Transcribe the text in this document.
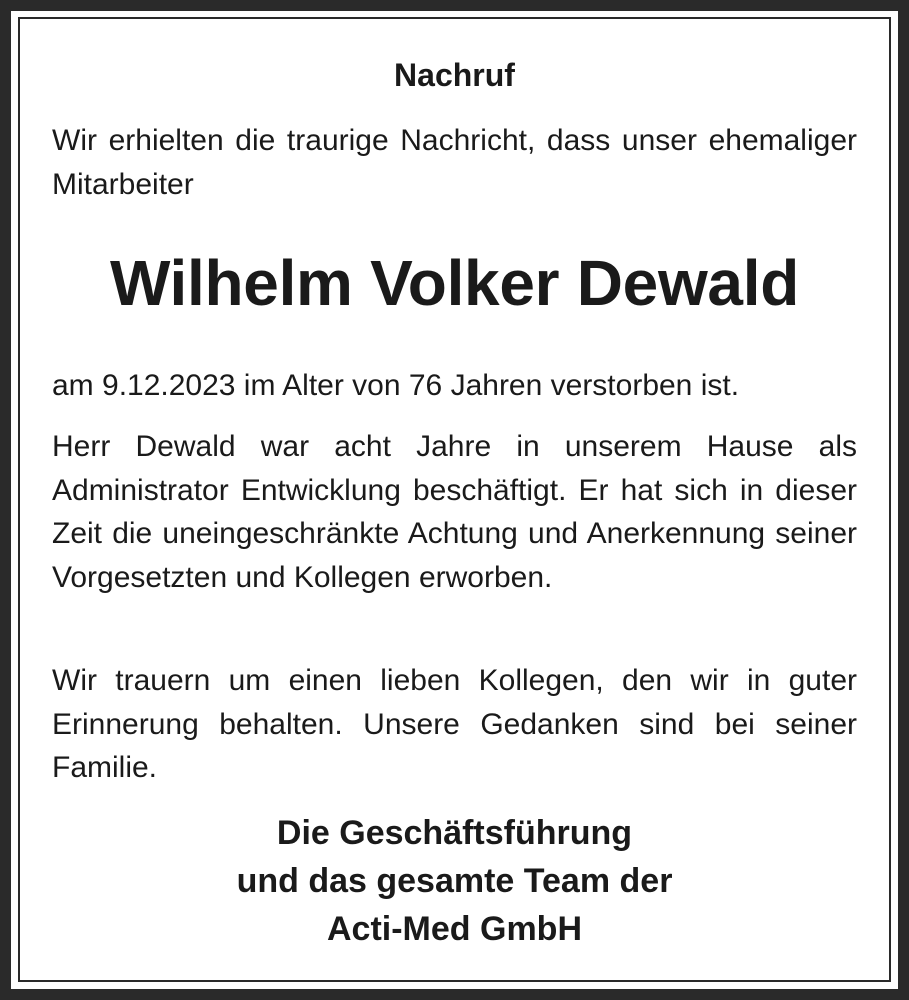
Nachruf

Wir erhielten die traurige Nachricht, dass unser ehemaliger Mitarbeiter

Wilhelm Volker Dewald

am 9.12.2023 im Alter von 76 Jahren verstorben ist.

Herr Dewald war acht Jahre in unserem Hause als Administrator Entwicklung beschäftigt. Er hat sich in dieser Zeit die uneingeschränkte Achtung und Anerkennung seiner Vorgesetzten und Kollegen erworben.

Wir trauern um einen lieben Kollegen, den wir in guter Erinnerung behalten. Unsere Gedanken sind bei seiner Familie.

Die Geschäftsführung
und das gesamte Team der
Acti-Med GmbH
